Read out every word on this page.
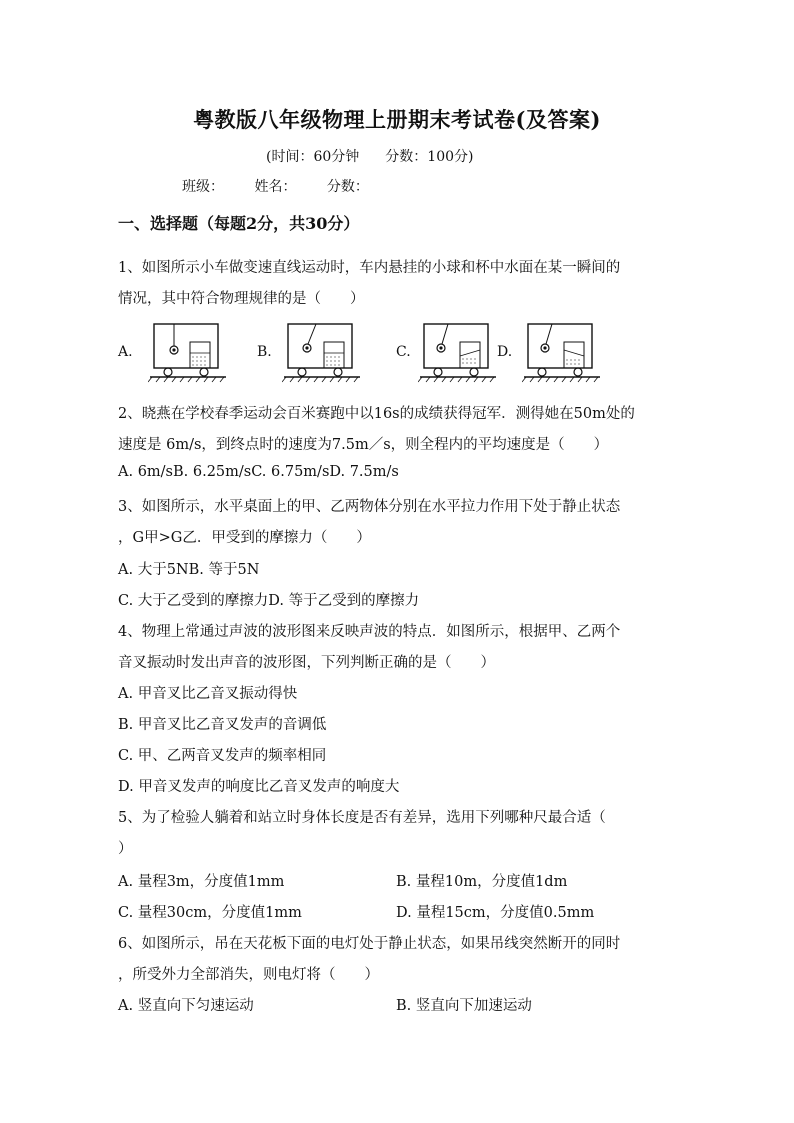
粤教版八年级物理上册期末考试卷(及答案)
(时间：60分钟 分数：100分)
班级： 姓名： 分数：
一、选择题（每题2分，共30分）
1、如图所示小车做变速直线运动时，车内悬挂的小球和杯中水面在某一瞬间的
情况，其中符合物理规律的是（　　）
A.	B.	C.	D.
2、晓燕在学校春季运动会百米赛跑中以16s的成绩获得冠军．测得她在50m处的
速度是 6m/s，到终点时的速度为7.5m／s，则全程内的平均速度是（　　）
A. 6m/sB. 6.25m/sC. 6.75m/sD. 7.5m/s
3、如图所示，水平桌面上的甲、乙两物体分别在水平拉力作用下处于静止状态
，G甲>G乙．甲受到的摩擦力（　　）
A. 大于5NB. 等于5N
C. 大于乙受到的摩擦力D. 等于乙受到的摩擦力
4、物理上常通过声波的波形图来反映声波的特点．如图所示，根据甲、乙两个
音叉振动时发出声音的波形图，下列判断正确的是（　　）
A. 甲音叉比乙音叉振动得快
B. 甲音叉比乙音叉发声的音调低
C. 甲、乙两音叉发声的频率相同
D. 甲音叉发声的响度比乙音叉发声的响度大
5、为了检验人躺着和站立时身体长度是否有差异，选用下列哪种尺最合适（
）
A. 量程3m，分度值1mm	B. 量程10m，分度值1dm
C. 量程30cm，分度值1mm	D. 量程15cm，分度值0.5mm
6、如图所示，吊在天花板下面的电灯处于静止状态，如果吊线突然断开的同时
，所受外力全部消失，则电灯将（　　）
A. 竖直向下匀速运动	B. 竖直向下加速运动
